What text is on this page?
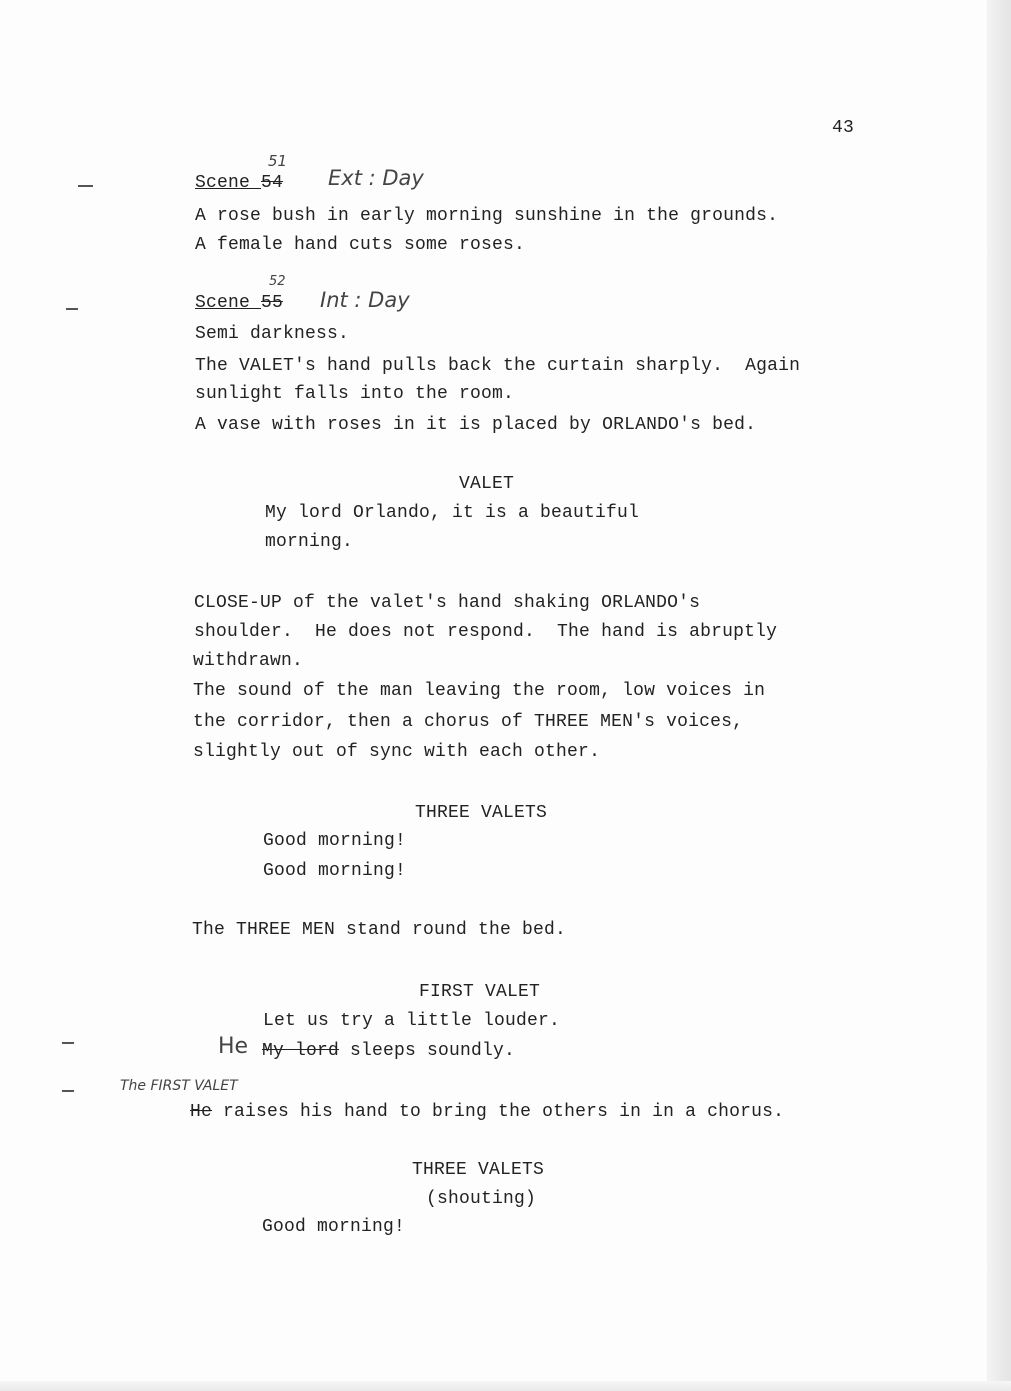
43
51
Scene 54 Ext : Day
A rose bush in early morning sunshine in the grounds.
A female hand cuts some roses.
52
Scene 55 Int : Day
Semi darkness.
The VALET's hand pulls back the curtain sharply.  Again
sunlight falls into the room.
A vase with roses in it is placed by ORLANDO's bed.
VALET
My lord Orlando, it is a beautiful
morning.
CLOSE-UP of the valet's hand shaking ORLANDO's
shoulder.  He does not respond.  The hand is abruptly
withdrawn.
The sound of the man leaving the room, low voices in
the corridor, then a chorus of THREE MEN's voices,
slightly out of sync with each other.
THREE VALETS
Good morning!
Good morning!
The THREE MEN stand round the bed.
FIRST VALET
Let us try a little louder.
He My lord sleeps soundly.
The FIRST VALET
He raises his hand to bring the others in in a chorus.
THREE VALETS
(shouting)
Good morning!
